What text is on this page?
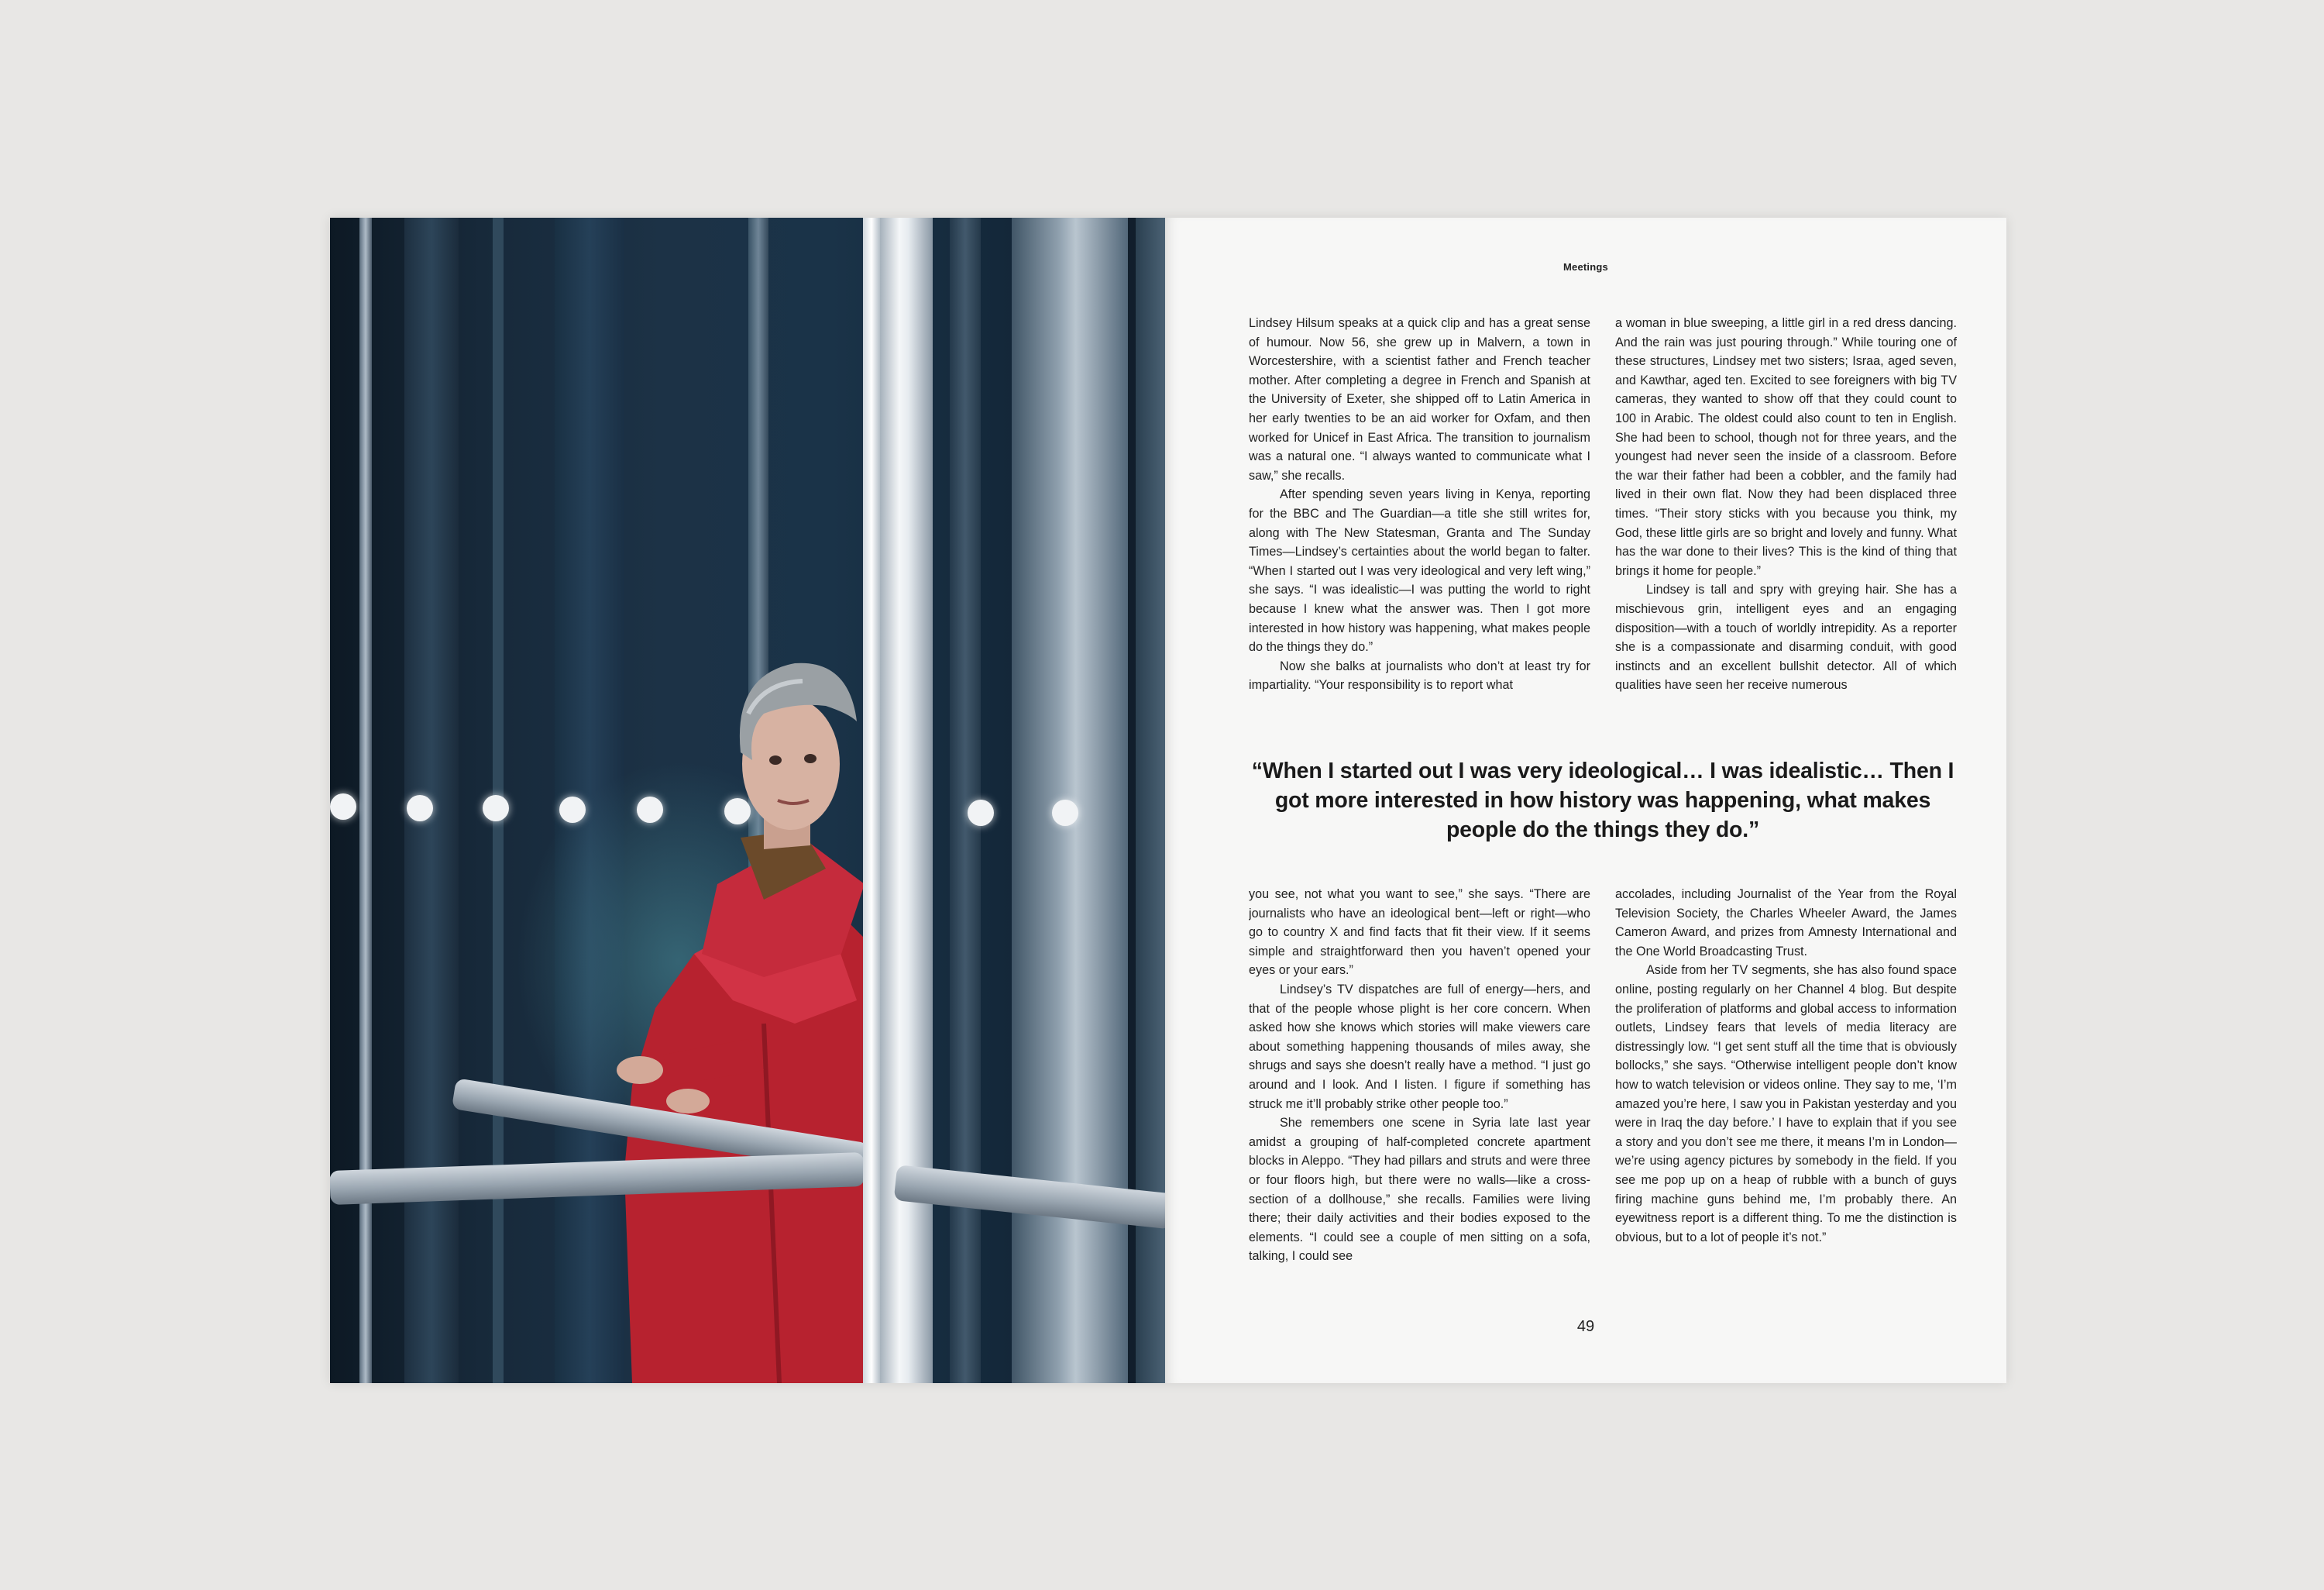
Meetings

Lindsey Hilsum speaks at a quick clip and has a great sense of humour. Now 56, she grew up in Malvern, a town in Worcestershire, with a scientist father and French teacher mother. After completing a degree in French and Spanish at the University of Exeter, she shipped off to Latin America in her early twenties to be an aid worker for Oxfam, and then worked for Unicef in East Africa. The transition to journalism was a natural one. “I always wanted to communicate what I saw,” she recalls.

After spending seven years living in Kenya, reporting for the BBC and The Guardian—a title she still writes for, along with The New Statesman, Granta and The Sunday Times—Lindsey’s certainties about the world began to falter. “When I started out I was very ideological and very left wing,” she says. “I was idealistic—I was putting the world to right because I knew what the answer was. Then I got more interested in how history was happening, what makes people do the things they do.”

Now she balks at journalists who don’t at least try for impartiality. “Your responsibility is to report what

a woman in blue sweeping, a little girl in a red dress dancing. And the rain was just pouring through.” While touring one of these structures, Lindsey met two sisters; Israa, aged seven, and Kawthar, aged ten. Excited to see foreigners with big TV cameras, they wanted to show off that they could count to 100 in Arabic. The oldest could also count to ten in English. She had been to school, though not for three years, and the youngest had never seen the inside of a classroom. Before the war their father had been a cobbler, and the family had lived in their own flat. Now they had been displaced three times. “Their story sticks with you because you think, my God, these little girls are so bright and lovely and funny. What has the war done to their lives? This is the kind of thing that brings it home for people.”

Lindsey is tall and spry with greying hair. She has a mischievous grin, intelligent eyes and an engaging disposition—with a touch of worldly intrepidity. As a reporter she is a compassionate and disarming conduit, with good instincts and an excellent bullshit detector. All of which qualities have seen her receive numerous

“When I started out I was very ideological… I was idealistic… Then I got more interested in how history was happening, what makes people do the things they do.”

you see, not what you want to see,” she says. “There are journalists who have an ideological bent—left or right—who go to country X and find facts that fit their view. If it seems simple and straightforward then you haven’t opened your eyes or your ears.”

Lindsey’s TV dispatches are full of energy—hers, and that of the people whose plight is her core concern. When asked how she knows which stories will make viewers care about something happening thousands of miles away, she shrugs and says she doesn’t really have a method. “I just go around and I look. And I listen. I figure if something has struck me it’ll probably strike other people too.”

She remembers one scene in Syria late last year amidst a grouping of half-completed concrete apartment blocks in Aleppo. “They had pillars and struts and were three or four floors high, but there were no walls—like a cross-section of a dollhouse,” she recalls. Families were living there; their daily activities and their bodies exposed to the elements. “I could see a couple of men sitting on a sofa, talking, I could see

accolades, including Journalist of the Year from the Royal Television Society, the Charles Wheeler Award, the James Cameron Award, and prizes from Amnesty International and the One World Broadcasting Trust.

Aside from her TV segments, she has also found space online, posting regularly on her Channel 4 blog. But despite the proliferation of platforms and global access to information outlets, Lindsey fears that levels of media literacy are distressingly low. “I get sent stuff all the time that is obviously bollocks,” she says. “Otherwise intelligent people don’t know how to watch television or videos online. They say to me, ‘I’m amazed you’re here, I saw you in Pakistan yesterday and you were in Iraq the day before.’ I have to explain that if you see a story and you don’t see me there, it means I’m in London—we’re using agency pictures by somebody in the field. If you see me pop up on a heap of rubble with a bunch of guys firing machine guns behind me, I’m probably there. An eyewitness report is a different thing. To me the distinction is obvious, but to a lot of people it’s not.”

49
